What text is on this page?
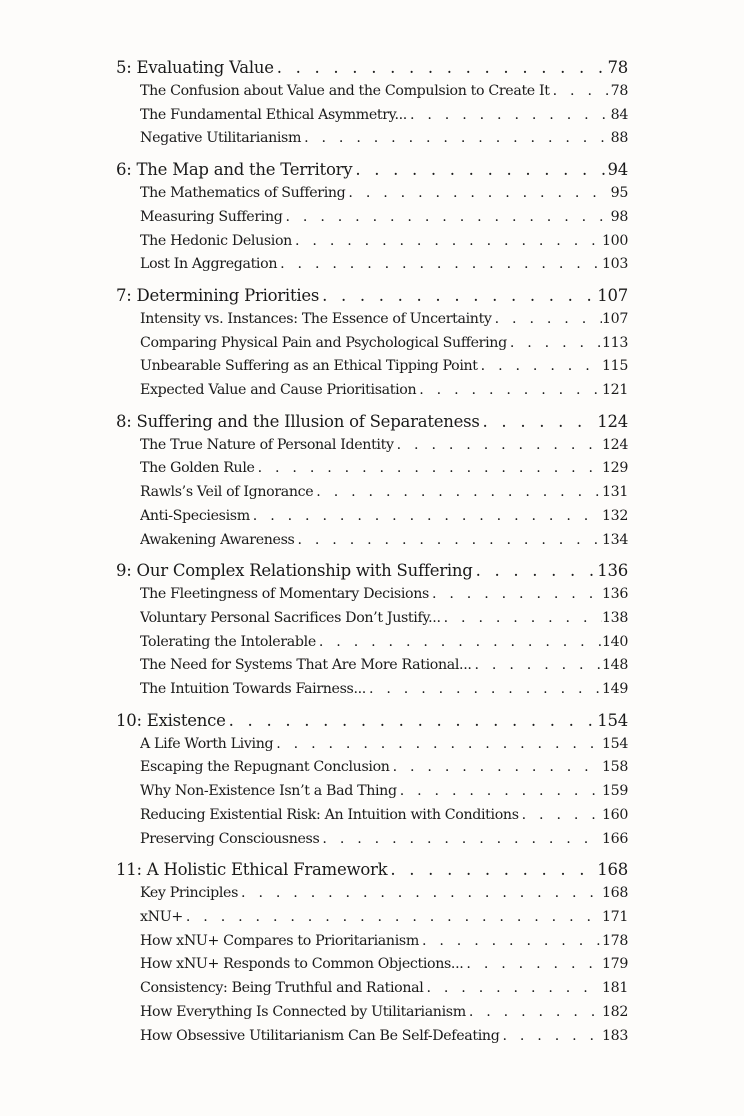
5: Evaluating Value . . .	78
The Confusion about Value and the Compulsion to Create It . . .	78
The Fundamental Ethical Asymmetry... . . .	84
Negative Utilitarianism . . .	88
6: The Map and the Territory . . .	94
The Mathematics of Suffering . . .	95
Measuring Suffering . . .	98
The Hedonic Delusion . . .	100
Lost In Aggregation . . .	103
7: Determining Priorities . . .	107
Intensity vs. Instances: The Essence of Uncertainty . . .	107
Comparing Physical Pain and Psychological Suffering . . .	113
Unbearable Suffering as an Ethical Tipping Point . . .	115
Expected Value and Cause Prioritisation . . .	121
8: Suffering and the Illusion of Separateness . . .	124
The True Nature of Personal Identity . . .	124
The Golden Rule . . .	129
Rawls’s Veil of Ignorance . . .	131
Anti-Speciesism . . .	132
Awakening Awareness . . .	134
9: Our Complex Relationship with Suffering . . .	136
The Fleetingness of Momentary Decisions . . .	136
Voluntary Personal Sacrifices Don’t Justify... . . .	138
Tolerating the Intolerable . . .	140
The Need for Systems That Are More Rational... . . .	148
The Intuition Towards Fairness... . . .	149
10: Existence . . .	154
A Life Worth Living . . .	154
Escaping the Repugnant Conclusion . . .	158
Why Non-Existence Isn’t a Bad Thing . . .	159
Reducing Existential Risk: An Intuition with Conditions . . .	160
Preserving Consciousness . . .	166
11: A Holistic Ethical Framework . . .	168
Key Principles . . .	168
xNU+ . . .	171
How xNU+ Compares to Prioritarianism . . .	178
How xNU+ Responds to Common Objections... . . .	179
Consistency: Being Truthful and Rational . . .	181
How Everything Is Connected by Utilitarianism . . .	182
How Obsessive Utilitarianism Can Be Self-Defeating . . .	183
